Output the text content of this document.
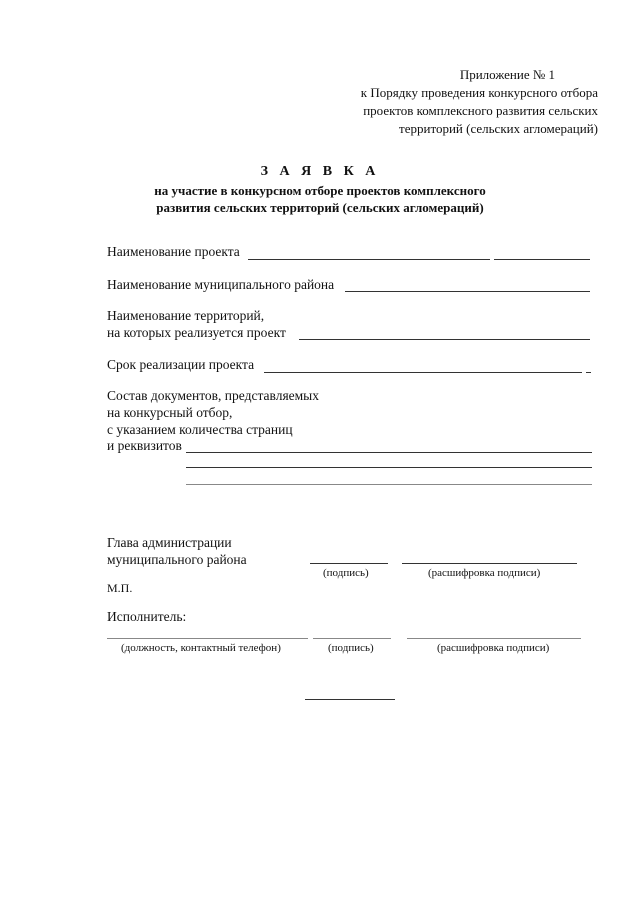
Приложение № 1
к Порядку проведения конкурсного отбора
проектов комплексного развития сельских
территорий (сельских агломераций)
З А Я В К А
на участие в конкурсном отборе проектов комплексного
развития сельских территорий (сельских агломераций)
Наименование проекта
Наименование муниципального района
Наименование территорий,
на которых реализуется проект
Срок реализации проекта
Состав документов, представляемых
на конкурсный отбор,
с указанием количества страниц
и реквизитов
Глава администрации
муниципального района
(подпись)	(расшифровка подписи)
М.П.
Исполнитель:
(должность, контактный телефон)	(подпись)	(расшифровка подписи)
